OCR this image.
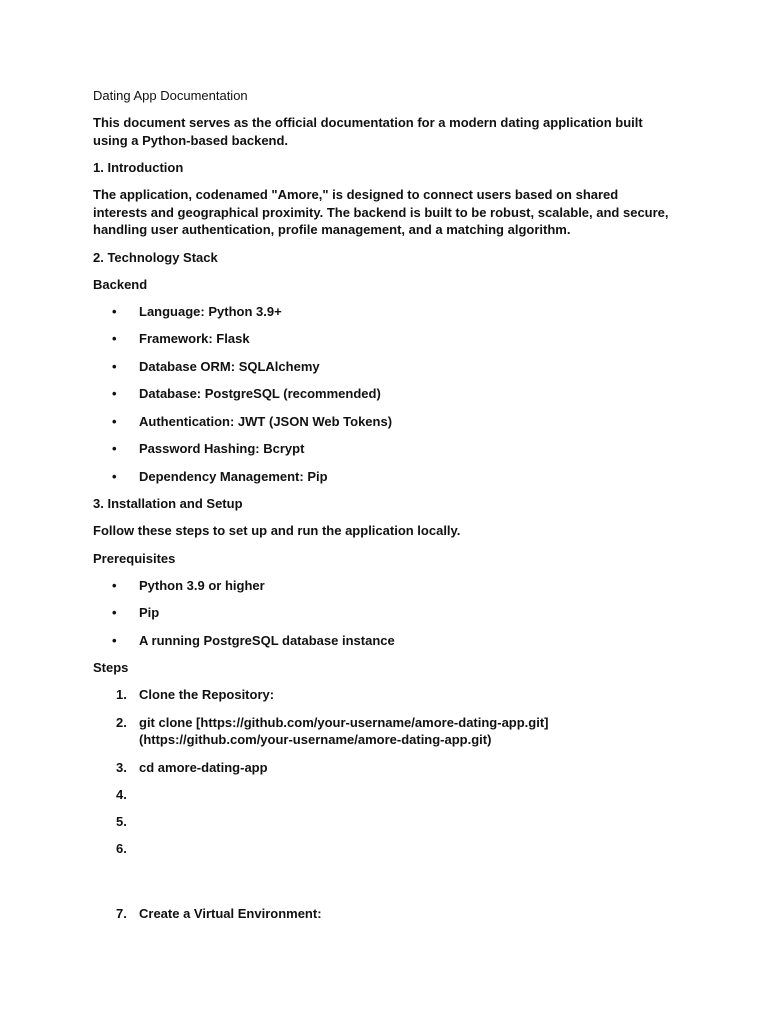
Dating App Documentation
This document serves as the official documentation for a modern dating application built using a Python-based backend.
1. Introduction
The application, codenamed "Amore," is designed to connect users based on shared interests and geographical proximity. The backend is built to be robust, scalable, and secure, handling user authentication, profile management, and a matching algorithm.
2. Technology Stack
Backend
• Language: Python 3.9+
• Framework: Flask
• Database ORM: SQLAlchemy
• Database: PostgreSQL (recommended)
• Authentication: JWT (JSON Web Tokens)
• Password Hashing: Bcrypt
• Dependency Management: Pip
3. Installation and Setup
Follow these steps to set up and run the application locally.
Prerequisites
• Python 3.9 or higher
• Pip
• A running PostgreSQL database instance
Steps
1. Clone the Repository:
2. git clone [https://github.com/your-username/amore-dating-app.git](https://github.com/your-username/amore-dating-app.git)
3. cd amore-dating-app
4.
5.
6.
7. Create a Virtual Environment:
